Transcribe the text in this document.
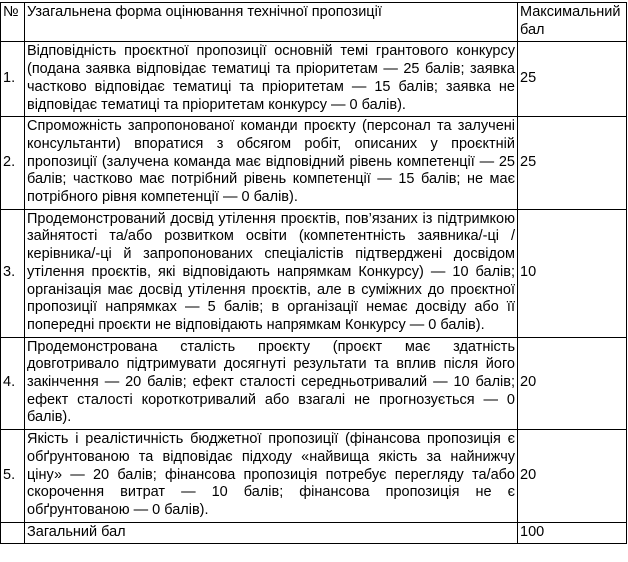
№	Узагальнена форма оцінювання технічної пропозиції	Максимальний бал
1.	Відповідність проєктної пропозиції основній темі грантового конкурсу (подана заявка відповідає тематиці та пріоритетам — 25 балів; заявка частково відповідає тематиці та пріоритетам — 15 балів; заявка не відповідає тематиці та пріоритетам конкурсу — 0 балів).	25
2.	Спроможність запропонованої команди проєкту (персонал та залучені консультанти) впоратися з обсягом робіт, описаних у проєктній пропозиції (залучена команда має відповідний рівень компетенції — 25 балів; частково має потрібний рівень компетенції — 15 балів; не має потрібного рівня компетенції — 0 балів).	25
3.	Продемонстрований досвід утілення проєктів, пов’язаних із підтримкою зайнятості та/або розвитком освіти (компетентність заявника/-ці / керівника/-ці й запропонованих спеціалістів підтверджені досвідом утілення проєктів, які відповідають напрямкам Конкурсу) — 10 балів; організація має досвід утілення проєктів, але в суміжних до проєктної пропозиції напрямках — 5 балів; в організації немає досвіду або її попередні проєкти не відповідають напрямкам Конкурсу — 0 балів).	10
4.	Продемонстрована сталість проєкту (проєкт має здатність довготривало підтримувати досягнуті результати та вплив після його закінчення — 20 балів; ефект сталості середньотривалий — 10 балів; ефект сталості короткотривалий або взагалі не прогнозується — 0 балів).	20
5.	Якість і реалістичність бюджетної пропозиції (фінансова пропозиція є обґрунтованою та відповідає підходу «найвища якість за найнижчу ціну» — 20 балів; фінансова пропозиція потребує перегляду та/або скорочення витрат — 10 балів; фінансова пропозиція не є обґрунтованою — 0 балів).	20
	Загальний бал	100
